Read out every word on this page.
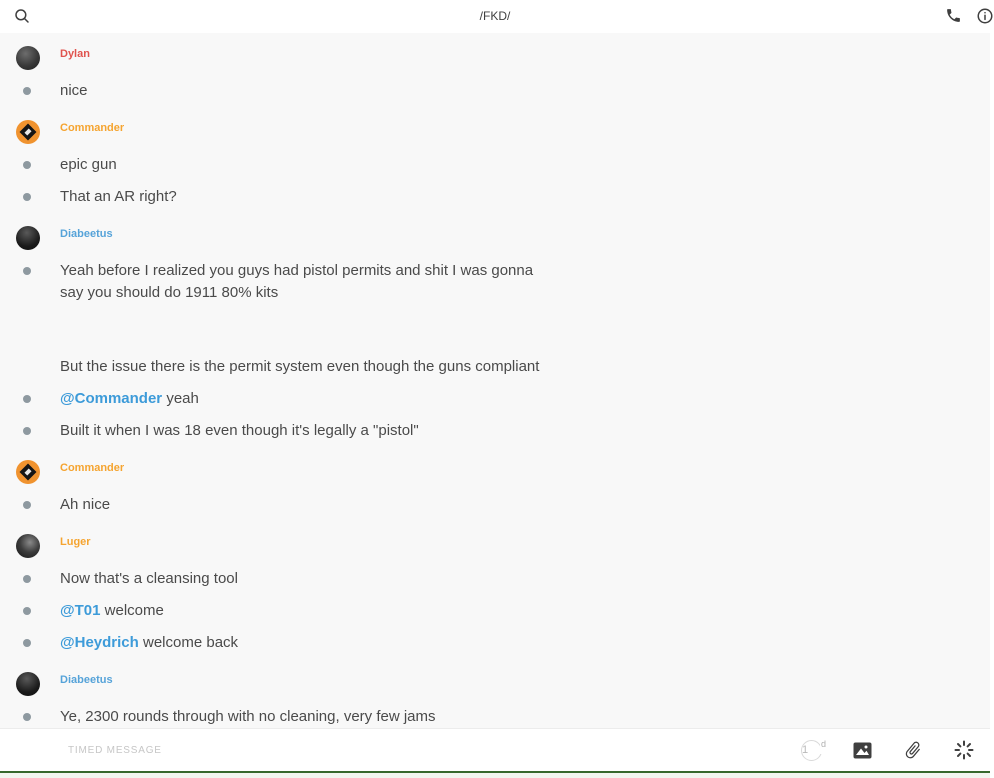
/FKD/
Dylan
nice
Commander
epic gun
That an AR right?
Diabeetus
Yeah before I realized you guys had pistol permits and shit I was gonna say you should do 1911 80% kits
But the issue there is the permit system even though the guns compliant
@Commander yeah
Built it when I was 18 even though it's legally a "pistol"
Commander
Ah nice
Luger
Now that's a cleansing tool
@T01 welcome
@Heydrich welcome back
Diabeetus
Ye, 2300 rounds through with no cleaning, very few jams
TIMED MESSAGE	1 d
